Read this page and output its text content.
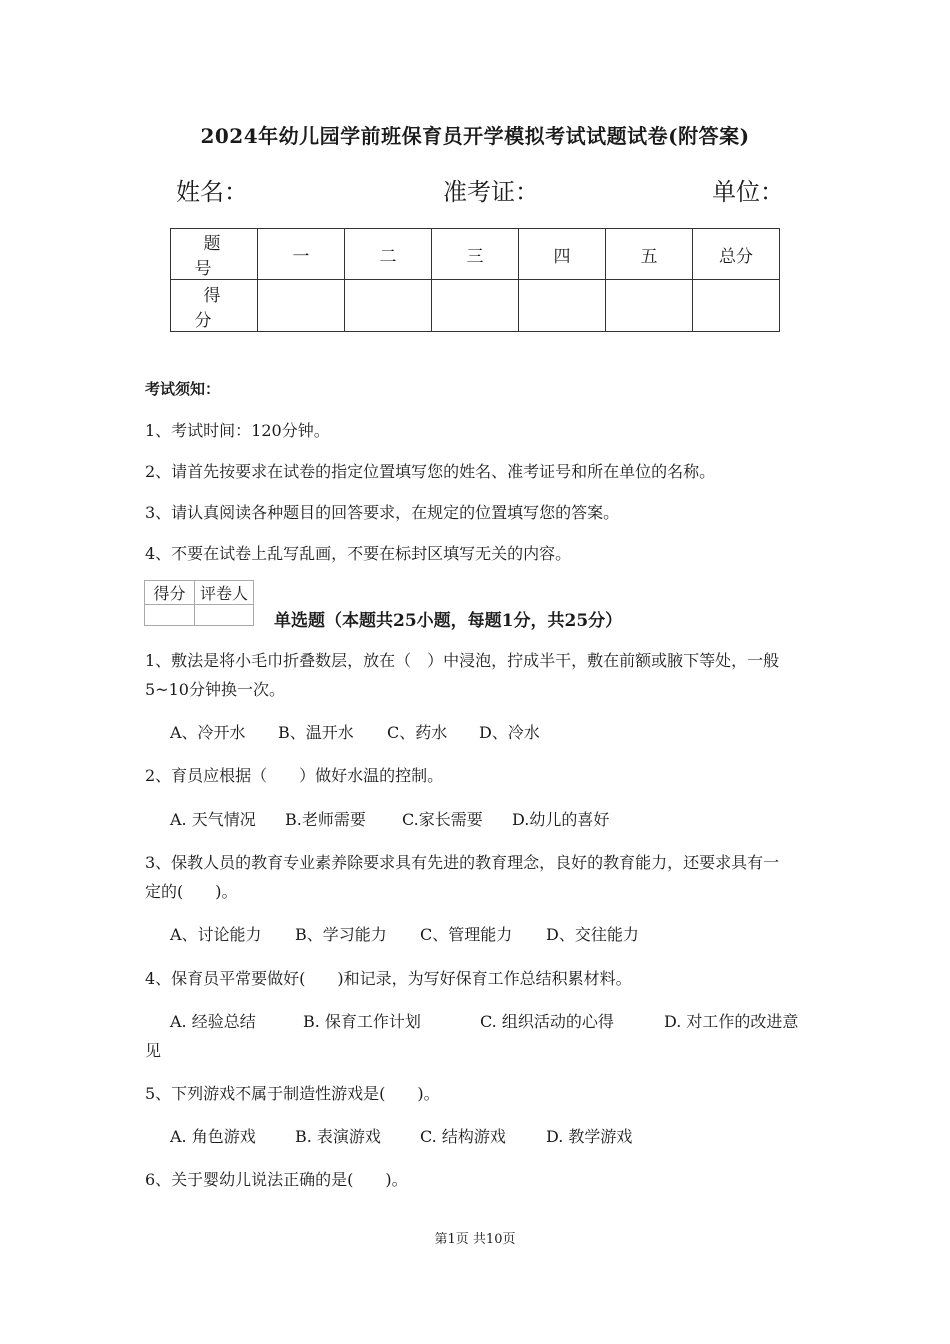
2024年幼儿园学前班保育员开学模拟考试试题试卷(附答案)
姓名：	准考证：	单位：
题　号	一	二	三	四	五	总分
得　分						
考试须知：
1、考试时间：120分钟。
2、请首先按要求在试卷的指定位置填写您的姓名、准考证号和所在单位的名称。
3、请认真阅读各种题目的回答要求，在规定的位置填写您的答案。
4、不要在试卷上乱写乱画，不要在标封区填写无关的内容。
得分	评卷人

单选题（本题共25小题，每题1分，共25分）
1、敷法是将小毛巾折叠数层，放在（　）中浸泡，拧成半干，敷在前额或腋下等处，一般
5~10分钟换一次。
A、冷开水 B、温开水 C、药水 D、冷水
2、育员应根据（　　）做好水温的控制。
A. 天气情况 B.老师需要 C.家长需要 D.幼儿的喜好
3、保教人员的教育专业素养除要求具有先进的教育理念，良好的教育能力，还要求具有一
定的(　　)。
A、讨论能力 B、学习能力 C、管理能力 D、交往能力
4、保育员平常要做好(　　)和记录，为写好保育工作总结积累材料。
A. 经验总结	B. 保育工作计划	C. 组织活动的心得	D. 对工作的改进意
见
5、下列游戏不属于制造性游戏是(　　)。
A. 角色游戏 B. 表演游戏 C. 结构游戏	D. 教学游戏
6、关于婴幼儿说法正确的是(　　)。
第1页 共10页
